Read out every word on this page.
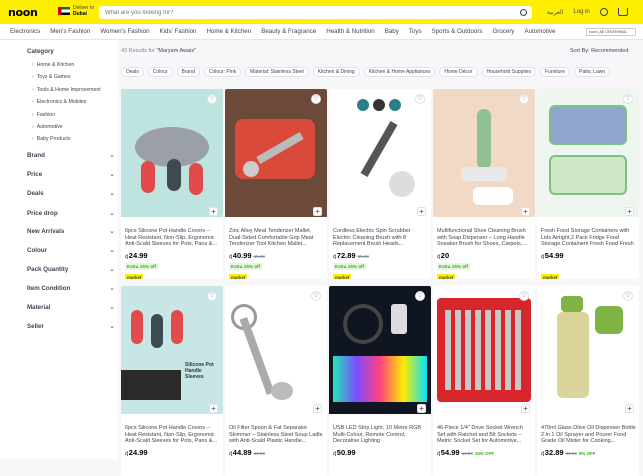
noon	Deliver to
Dubai
What are you looking for?	العربية Log in
Electronics Men's Fashion Women's Fashion Kids' Fashion Home & Kitchen Beauty & Fragrance Health & Nutrition Baby Toys Sports & Outdoors Grocery Automotive	noon | AE CENTENNIAL
Category
› Home & Kitchen
› Toys & Games
› Tools & Home Improvement
› Electronics & Mobiles
› Fashion
› Automotive
› Baby Products
Brand	⌄
Price	⌄
Deals	⌄
Price drop	⌄
New Arrivals	⌄
Colour	⌄
Pack Quantity	⌄
Item Condition	⌄
Material	⌄
Seller	⌄
43 Results for "Maryam Awais"	Sort By: Recommended
Deals	Colour	Brand	Colour: Pink	Material: Stainless Steel	Kitchen & Dining	Kitchen & Home Appliances	Home Décor	Household Supplies	Furniture	Patio, Lawn
♡
+
6pcs Silicone Pot Handle Covers – Heat Resistant, Non-Slip, Ergonomic Anti-Scald Sleeves for Pots, Pans &...
ɖ24.99
Extra 15% off
market
♡
+
Zinc Alloy Meat Tenderizer Mallet, Dual-Sided Comfortable Grip Meat Tenderizer Tool Kitchen Mallet...
ɖ40.99 49.00
Extra 15% off
market
♡
+
Cordless Electric Spin Scrubber Electric Cleaning Brush with 8 Replacement Brush Heads...
ɖ72.89 99.00
Extra 15% off
market
♡
+
Multifunctional Shoe Cleaning Brush with Soap Dispenser – Long Handle Sneaker Brush for Shoes, Carpets,...
ɖ20
Extra 15% off
market
♡
+
Fresh Food Storage Containers with Lids Airtight,2 Pack Fridge Food Storage Containers Fresh Food Fresh
ɖ54.99
market
Silicone Pot Handle Sleeves
♡
+
6pcs Silicone Pot Handle Covers – Heat Resistant, Non-Slip, Ergonomic Anti-Scald Sleeves for Pots, Pans &...
ɖ24.99
♡
+
Oil Filter Spoon & Fat Separator Skimmer – Stainless Steel Soup Ladle with Anti-Scald Plastic Handle...
ɖ44.89 49.00
♡
+
USB LED Strip Light, 10 Metre RGB Multi-Colour, Remote Control, Decorative Lighting
ɖ50.99
♡
+
46-Piece 1/4" Drive Socket Wrench Set with Ratchet and Bit Sockets – Metric Socket Set for Automotive...
ɖ54.99 64.00 15% OFF
♡
+
470ml Glass Olive Oil Dispenser Bottle 2 in 1 Oil Sprayer and Pourer Food Grade Oil Mister for Cooking...
ɖ32.89 39.00 5% OFF
